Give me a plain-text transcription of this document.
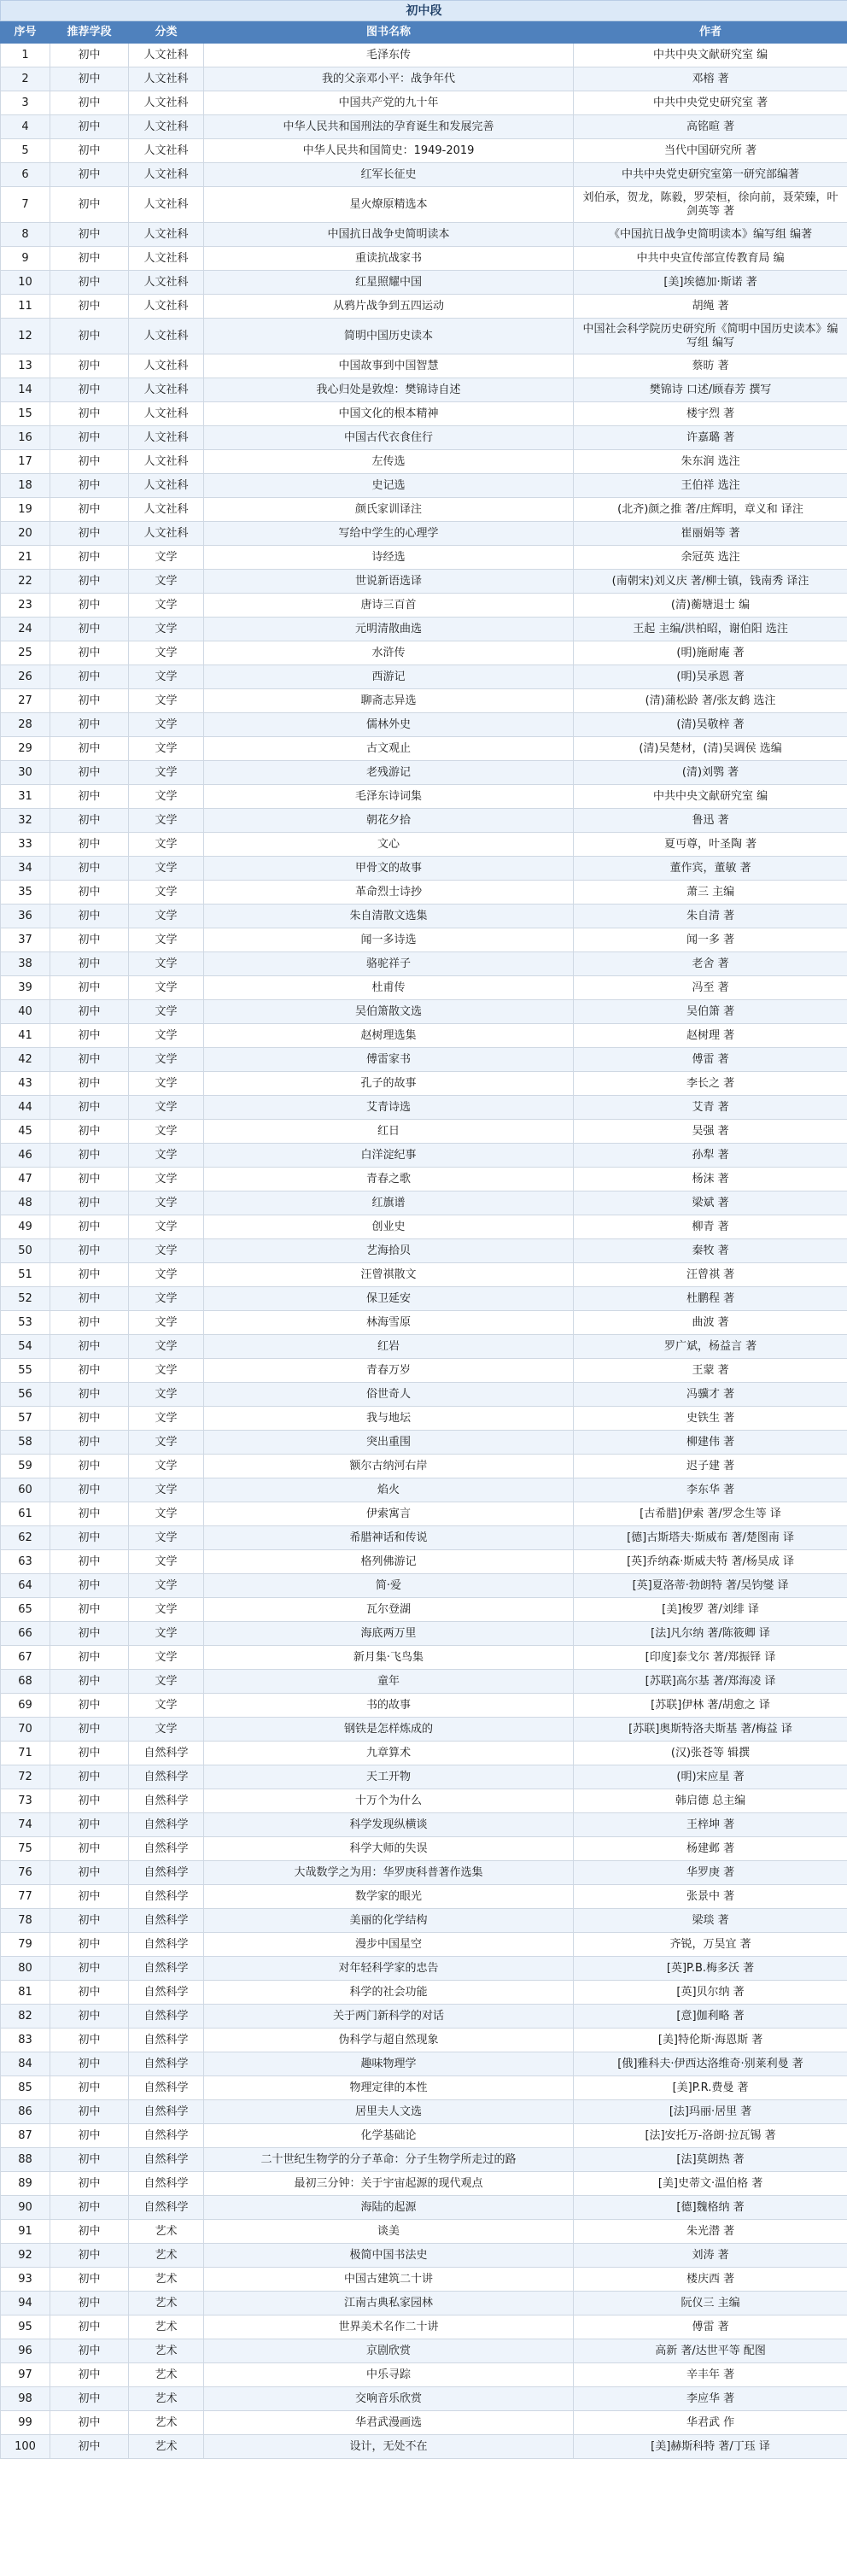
初中段				
序号	推荐学段	分类	图书名称	作者
1	初中	人文社科	毛泽东传	中共中央文献研究室 编
2	初中	人文社科	我的父亲邓小平：战争年代	邓榕 著
3	初中	人文社科	中国共产党的九十年	中共中央党史研究室 著
4	初中	人文社科	中华人民共和国刑法的孕育诞生和发展完善	高铭暄 著
5	初中	人文社科	中华人民共和国简史：1949-2019	当代中国研究所 著
6	初中	人文社科	红军长征史	中共中央党史研究室第一研究部编著
7	初中	人文社科	星火燎原精选本	刘伯承，贺龙，陈毅，罗荣桓，徐向前，聂荣臻，叶剑英等 著
8	初中	人文社科	中国抗日战争史简明读本	《中国抗日战争史简明读本》编写组 编著
9	初中	人文社科	重读抗战家书	中共中央宣传部宣传教育局 编
10	初中	人文社科	红星照耀中国	[美]埃德加·斯诺 著
11	初中	人文社科	从鸦片战争到五四运动	胡绳 著
12	初中	人文社科	简明中国历史读本	中国社会科学院历史研究所《简明中国历史读本》编写组 编写
13	初中	人文社科	中国故事到中国智慧	蔡昉 著
14	初中	人文社科	我心归处是敦煌：樊锦诗自述	樊锦诗 口述/顾春芳 撰写
15	初中	人文社科	中国文化的根本精神	楼宇烈 著
16	初中	人文社科	中国古代衣食住行	许嘉璐 著
17	初中	人文社科	左传选	朱东润 选注
18	初中	人文社科	史记选	王伯祥 选注
19	初中	人文社科	颜氏家训译注	(北齐)颜之推 著/庄辉明，章义和 译注
20	初中	人文社科	写给中学生的心理学	崔丽娟等 著
21	初中	文学	诗经选	余冠英 选注
22	初中	文学	世说新语选译	(南朝宋)刘义庆 著/柳士镇，钱南秀 译注
23	初中	文学	唐诗三百首	(清)蘅塘退士 编
24	初中	文学	元明清散曲选	王起 主编/洪柏昭，谢伯阳 选注
25	初中	文学	水浒传	(明)施耐庵 著
26	初中	文学	西游记	(明)吴承恩 著
27	初中	文学	聊斋志异选	(清)蒲松龄 著/张友鹤 选注
28	初中	文学	儒林外史	(清)吴敬梓 著
29	初中	文学	古文观止	(清)吴楚材，(清)吴调侯 选编
30	初中	文学	老残游记	(清)刘鹗 著
31	初中	文学	毛泽东诗词集	中共中央文献研究室 编
32	初中	文学	朝花夕拾	鲁迅 著
33	初中	文学	文心	夏丏尊，叶圣陶 著
34	初中	文学	甲骨文的故事	董作宾，董敏 著
35	初中	文学	革命烈士诗抄	萧三 主编
36	初中	文学	朱自清散文选集	朱自清 著
37	初中	文学	闻一多诗选	闻一多 著
38	初中	文学	骆驼祥子	老舍 著
39	初中	文学	杜甫传	冯至 著
40	初中	文学	吴伯箫散文选	吴伯箫 著
41	初中	文学	赵树理选集	赵树理 著
42	初中	文学	傅雷家书	傅雷 著
43	初中	文学	孔子的故事	李长之 著
44	初中	文学	艾青诗选	艾青 著
45	初中	文学	红日	吴强 著
46	初中	文学	白洋淀纪事	孙犁 著
47	初中	文学	青春之歌	杨沫 著
48	初中	文学	红旗谱	梁斌 著
49	初中	文学	创业史	柳青 著
50	初中	文学	艺海拾贝	秦牧 著
51	初中	文学	汪曾祺散文	汪曾祺 著
52	初中	文学	保卫延安	杜鹏程 著
53	初中	文学	林海雪原	曲波 著
54	初中	文学	红岩	罗广斌，杨益言 著
55	初中	文学	青春万岁	王蒙 著
56	初中	文学	俗世奇人	冯骥才 著
57	初中	文学	我与地坛	史铁生 著
58	初中	文学	突出重围	柳建伟 著
59	初中	文学	额尔古纳河右岸	迟子建 著
60	初中	文学	焰火	李东华 著
61	初中	文学	伊索寓言	[古希腊]伊索 著/罗念生等 译
62	初中	文学	希腊神话和传说	[德]古斯塔夫·斯威布 著/楚图南 译
63	初中	文学	格列佛游记	[英]乔纳森·斯威夫特 著/杨昊成 译
64	初中	文学	简·爱	[英]夏洛蒂·勃朗特 著/吴钧燮 译
65	初中	文学	瓦尔登湖	[美]梭罗 著/刘绯 译
66	初中	文学	海底两万里	[法]凡尔纳 著/陈筱卿 译
67	初中	文学	新月集·飞鸟集	[印度]泰戈尔 著/郑振铎 译
68	初中	文学	童年	[苏联]高尔基 著/郑海凌 译
69	初中	文学	书的故事	[苏联]伊林 著/胡愈之 译
70	初中	文学	钢铁是怎样炼成的	[苏联]奥斯特洛夫斯基 著/梅益 译
71	初中	自然科学	九章算术	(汉)张苍等 辑撰
72	初中	自然科学	天工开物	(明)宋应星 著
73	初中	自然科学	十万个为什么	韩启德 总主编
74	初中	自然科学	科学发现纵横谈	王梓坤 著
75	初中	自然科学	科学大师的失误	杨建邺 著
76	初中	自然科学	大哉数学之为用：华罗庚科普著作选集	华罗庚 著
77	初中	自然科学	数学家的眼光	张景中 著
78	初中	自然科学	美丽的化学结构	梁琰 著
79	初中	自然科学	漫步中国星空	齐锐，万昊宜 著
80	初中	自然科学	对年轻科学家的忠告	[英]P.B.梅多沃 著
81	初中	自然科学	科学的社会功能	[英]贝尔纳 著
82	初中	自然科学	关于两门新科学的对话	[意]伽利略 著
83	初中	自然科学	伪科学与超自然现象	[美]特伦斯·海恩斯 著
84	初中	自然科学	趣味物理学	[俄]雅科夫·伊西达洛维奇·别莱利曼 著
85	初中	自然科学	物理定律的本性	[美]P.R.费曼 著
86	初中	自然科学	居里夫人文选	[法]玛丽·居里 著
87	初中	自然科学	化学基础论	[法]安托万-洛朗·拉瓦锡 著
88	初中	自然科学	二十世纪生物学的分子革命：分子生物学所走过的路	[法]莫朗热 著
89	初中	自然科学	最初三分钟：关于宇宙起源的现代观点	[美]史蒂文·温伯格 著
90	初中	自然科学	海陆的起源	[德]魏格纳 著
91	初中	艺术	谈美	朱光潜 著
92	初中	艺术	极简中国书法史	刘涛 著
93	初中	艺术	中国古建筑二十讲	楼庆西 著
94	初中	艺术	江南古典私家园林	阮仪三 主编
95	初中	艺术	世界美术名作二十讲	傅雷 著
96	初中	艺术	京剧欣赏	高新 著/达世平等 配图
97	初中	艺术	中乐寻踪	辛丰年 著
98	初中	艺术	交响音乐欣赏	李应华 著
99	初中	艺术	华君武漫画选	华君武 作
100	初中	艺术	设计，无处不在	[美]赫斯科特 著/丁珏 译
